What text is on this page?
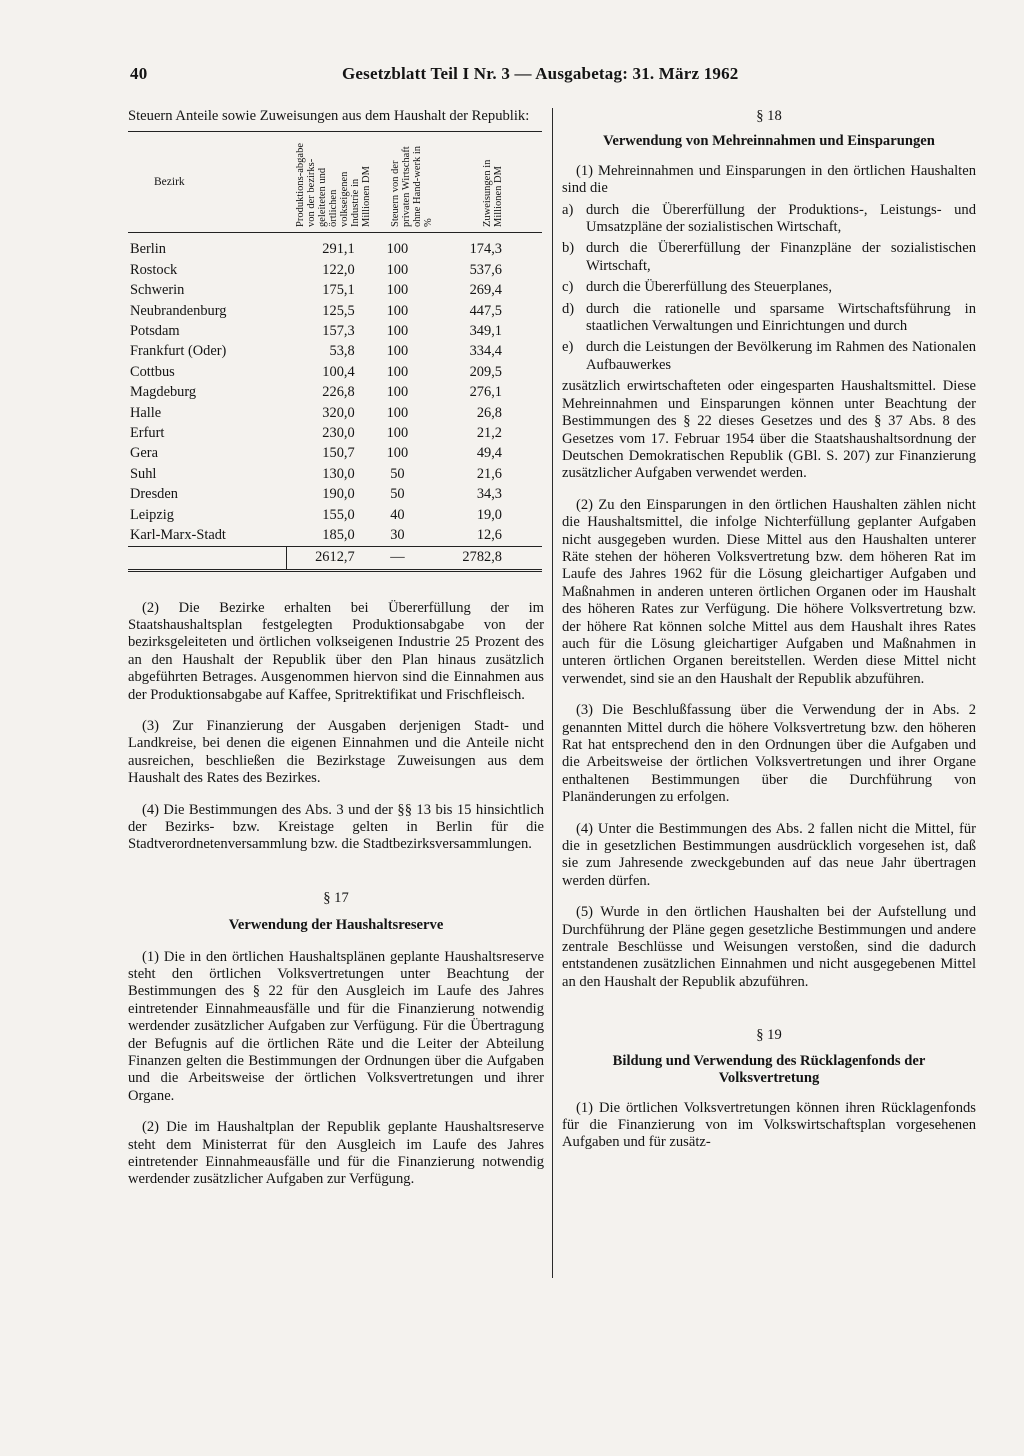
40	Gesetzblatt Teil I Nr. 3 — Ausgabetag: 31. März 1962

Steuern Anteile sowie Zuweisungen aus dem Haushalt der Republik:

Bezirk	Produktions-abgabe von der bezirks-geleiteten und örtlichen volkseigenen Industrie in Millionen DM	Steuern von der privaten Wirtschaft ohne Hand-werk in %	Zuweisungen in Millionen DM
Berlin	291,1	100	174,3
Rostock	122,0	100	537,6
Schwerin	175,1	100	269,4
Neubrandenburg	125,5	100	447,5
Potsdam	157,3	100	349,1
Frankfurt (Oder)	53,8	100	334,4
Cottbus	100,4	100	209,5
Magdeburg	226,8	100	276,1
Halle	320,0	100	26,8
Erfurt	230,0	100	21,2
Gera	150,7	100	49,4
Suhl	130,0	50	21,6
Dresden	190,0	50	34,3
Leipzig	155,0	40	19,0
Karl-Marx-Stadt	185,0	30	12,6
	2612,7	—	2782,8

(2) Die Bezirke erhalten bei Übererfüllung der im Staatshaushaltsplan festgelegten Produktionsabgabe von der bezirksgeleiteten und örtlichen volkseigenen Industrie 25 Prozent des an den Haushalt der Republik über den Plan hinaus zusätzlich abgeführten Betrages. Ausgenommen hiervon sind die Einnahmen aus der Produktionsabgabe auf Kaffee, Spritrektifikat und Frischfleisch.

(3) Zur Finanzierung der Ausgaben derjenigen Stadt- und Landkreise, bei denen die eigenen Einnahmen und die Anteile nicht ausreichen, beschließen die Bezirkstage Zuweisungen aus dem Haushalt des Rates des Bezirkes.

(4) Die Bestimmungen des Abs. 3 und der §§ 13 bis 15 hinsichtlich der Bezirks- bzw. Kreistage gelten in Berlin für die Stadtverordnetenversammlung bzw. die Stadtbezirksversammlungen.

§ 17
Verwendung der Haushaltsreserve

(1) Die in den örtlichen Haushaltsplänen geplante Haushaltsreserve steht den örtlichen Volksvertretungen unter Beachtung der Bestimmungen des § 22 für den Ausgleich im Laufe des Jahres eintretender Einnahmeausfälle und für die Finanzierung notwendig werdender zusätzlicher Aufgaben zur Verfügung. Für die Übertragung der Befugnis auf die örtlichen Räte und die Leiter der Abteilung Finanzen gelten die Bestimmungen der Ordnungen über die Aufgaben und die Arbeitsweise der örtlichen Volksvertretungen und ihrer Organe.

(2) Die im Haushaltplan der Republik geplante Haushaltsreserve steht dem Ministerrat für den Ausgleich im Laufe des Jahres eintretender Einnahmeausfälle und für die Finanzierung notwendig werdender zusätzlicher Aufgaben zur Verfügung.

§ 18
Verwendung von Mehreinnahmen und Einsparungen

(1) Mehreinnahmen und Einsparungen in den örtlichen Haushalten sind die

a) durch die Übererfüllung der Produktions-, Leistungs- und Umsatzpläne der sozialistischen Wirtschaft,
b) durch die Übererfüllung der Finanzpläne der sozialistischen Wirtschaft,
c) durch die Übererfüllung des Steuerplanes,
d) durch die rationelle und sparsame Wirtschaftsführung in staatlichen Verwaltungen und Einrichtungen und durch
e) durch die Leistungen der Bevölkerung im Rahmen des Nationalen Aufbauwerkes

zusätzlich erwirtschafteten oder eingesparten Haushaltsmittel. Diese Mehreinnahmen und Einsparungen können unter Beachtung der Bestimmungen des § 22 dieses Gesetzes und des § 37 Abs. 8 des Gesetzes vom 17. Februar 1954 über die Staatshaushaltsordnung der Deutschen Demokratischen Republik (GBl. S. 207) zur Finanzierung zusätzlicher Aufgaben verwendet werden.

(2) Zu den Einsparungen in den örtlichen Haushalten zählen nicht die Haushaltsmittel, die infolge Nichterfüllung geplanter Aufgaben nicht ausgegeben wurden. Diese Mittel aus den Haushalten unterer Räte stehen der höheren Volksvertretung bzw. dem höheren Rat im Laufe des Jahres 1962 für die Lösung gleichartiger Aufgaben und Maßnahmen in anderen unteren örtlichen Organen oder im Haushalt des höheren Rates zur Verfügung. Die höhere Volksvertretung bzw. der höhere Rat können solche Mittel aus dem Haushalt ihres Rates auch für die Lösung gleichartiger Aufgaben und Maßnahmen in unteren örtlichen Organen bereitstellen. Werden diese Mittel nicht verwendet, sind sie an den Haushalt der Republik abzuführen.

(3) Die Beschlußfassung über die Verwendung der in Abs. 2 genannten Mittel durch die höhere Volksvertretung bzw. den höheren Rat hat entsprechend den in den Ordnungen über die Aufgaben und die Arbeitsweise der örtlichen Volksvertretungen und ihrer Organe enthaltenen Bestimmungen über die Durchführung von Planänderungen zu erfolgen.

(4) Unter die Bestimmungen des Abs. 2 fallen nicht die Mittel, für die in gesetzlichen Bestimmungen ausdrücklich vorgesehen ist, daß sie zum Jahresende zweckgebunden auf das neue Jahr übertragen werden dürfen.

(5) Wurde in den örtlichen Haushalten bei der Aufstellung und Durchführung der Pläne gegen gesetzliche Bestimmungen und andere zentrale Beschlüsse und Weisungen verstoßen, sind die dadurch entstandenen zusätzlichen Einnahmen und nicht ausgegebenen Mittel an den Haushalt der Republik abzuführen.

§ 19
Bildung und Verwendung des Rücklagenfonds der Volksvertretung

(1) Die örtlichen Volksvertretungen können ihren Rücklagenfonds für die Finanzierung von im Volkswirtschaftsplan vorgesehenen Aufgaben und für zusätz-
